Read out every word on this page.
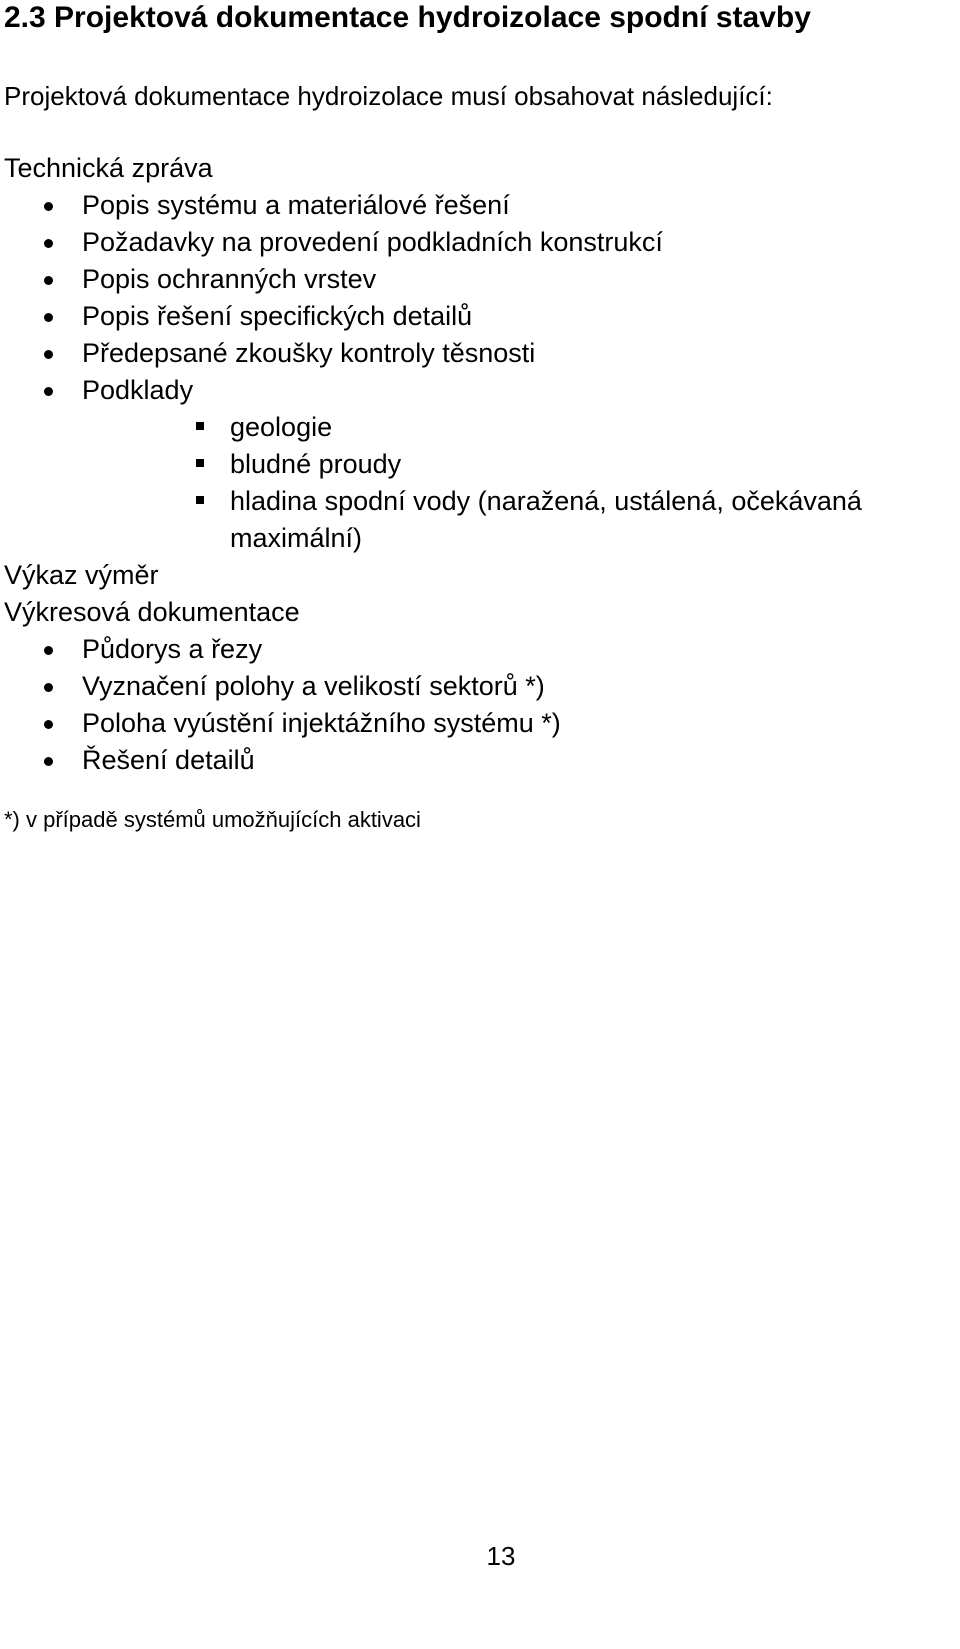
2.3 Projektová dokumentace hydroizolace spodní stavby
Projektová dokumentace hydroizolace musí obsahovat následující:
Technická zpráva
Popis systému a materiálové řešení
Požadavky na provedení podkladních konstrukcí
Popis ochranných vrstev
Popis řešení specifických detailů
Předepsané zkoušky kontroly těsnosti
Podklady
geologie
bludné proudy
hladina spodní vody (naražená, ustálená, očekávaná
maximální)
Výkaz výměr
Výkresová dokumentace
Půdorys a řezy
Vyznačení polohy a velikostí sektorů *)
Poloha vyústění injektážního systému *)
Řešení detailů
*) v případě systémů umožňujících aktivaci
13
